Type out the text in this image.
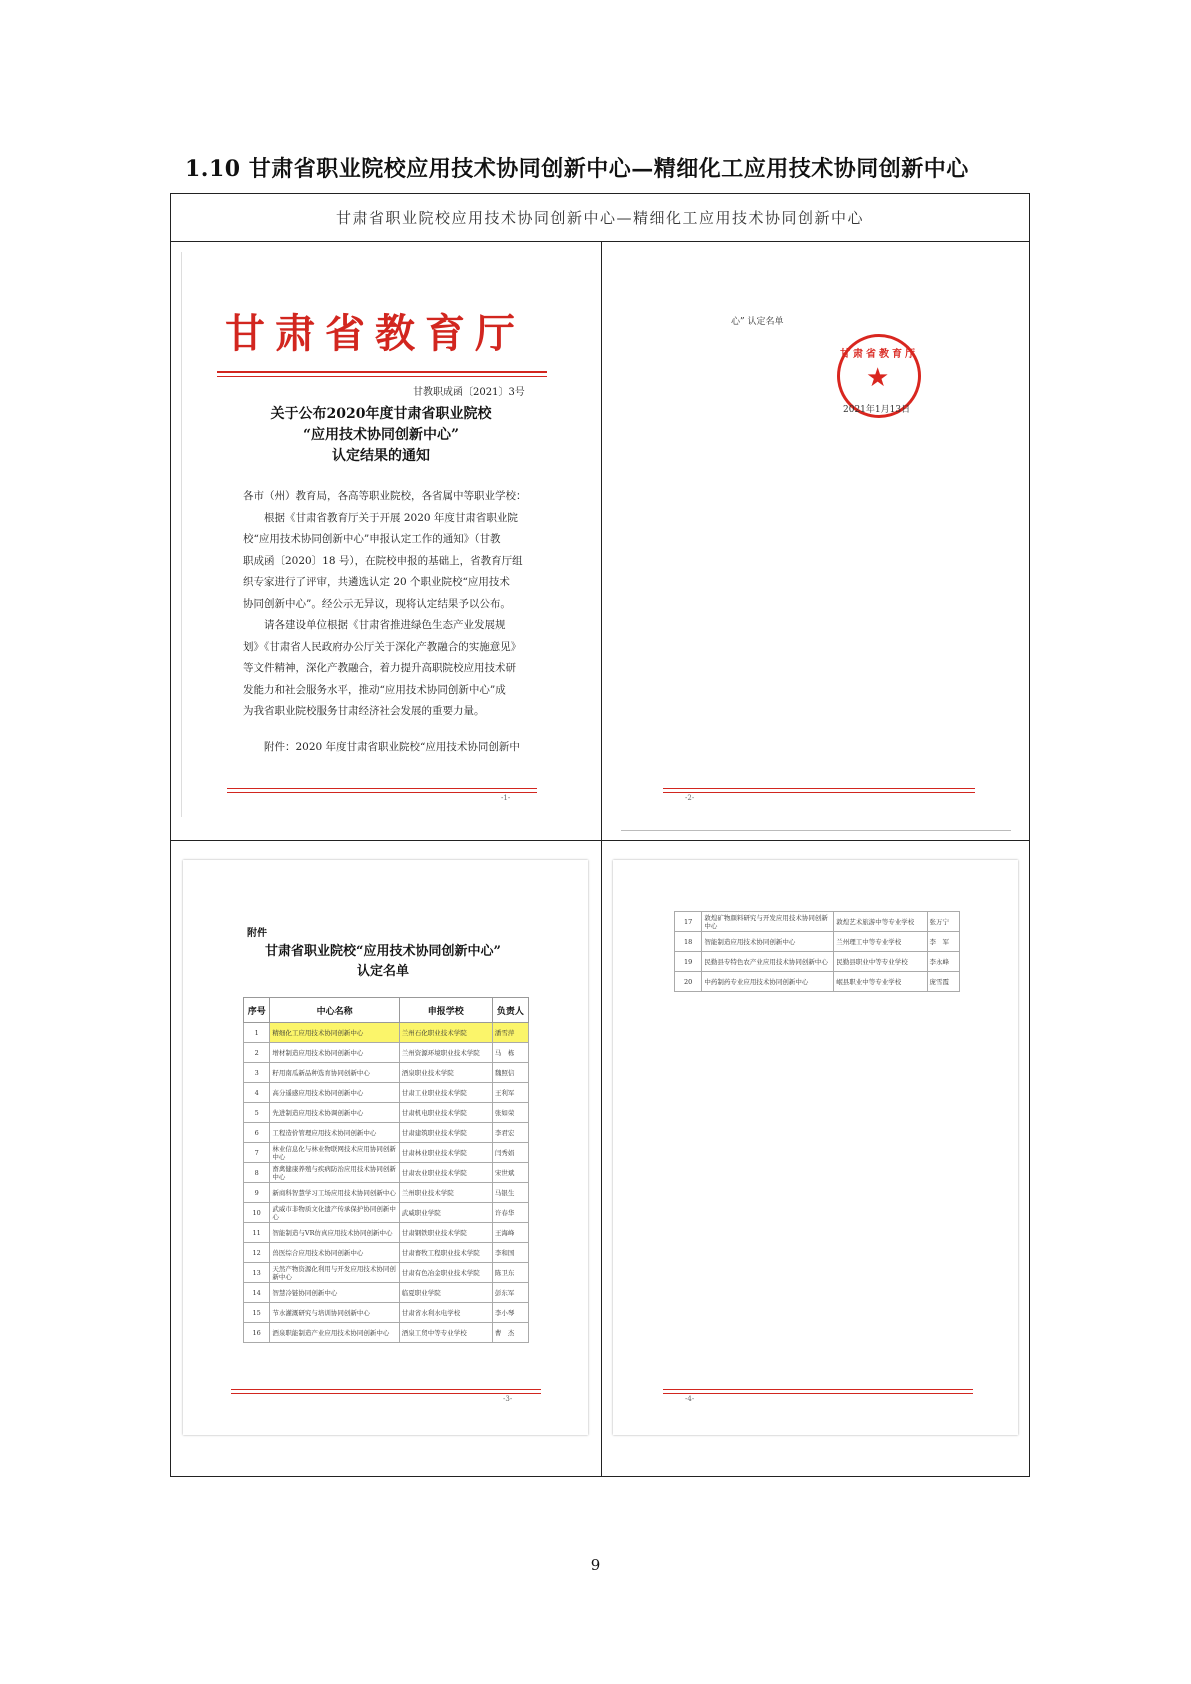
1.10 甘肃省职业院校应用技术协同创新中心—精细化工应用技术协同创新中心
甘肃省职业院校应用技术协同创新中心—精细化工应用技术协同创新中心
甘肃省教育厅
甘教职成函〔2021〕3号
关于公布2020年度甘肃省职业院校
“应用技术协同创新中心”
认定结果的通知
各市（州）教育局，各高等职业院校，各省属中等职业学校：
　　根据《甘肃省教育厅关于开展 2020 年度甘肃省职业院
校“应用技术协同创新中心”申报认定工作的通知》（甘教
职成函〔2020〕18 号），在院校申报的基础上，省教育厅组
织专家进行了评审，共遴选认定 20 个职业院校“应用技术
协同创新中心”。经公示无异议，现将认定结果予以公布。
　　请各建设单位根据《甘肃省推进绿色生态产业发展规
划》《甘肃省人民政府办公厅关于深化产教融合的实施意见》
等文件精神，深化产教融合，着力提升高职院校应用技术研
发能力和社会服务水平，推动“应用技术协同创新中心”成
为我省职业院校服务甘肃经济社会发展的重要力量。
　　附件：2020 年度甘肃省职业院校“应用技术协同创新中
-1-
心” 认定名单
甘肃省教育厅
★
2021年1月13日
-2-
附件
甘肃省职业院校“应用技术协同创新中心”
认定名单
序号	中心名称	申报学校	负责人
1	精细化工应用技术协同创新中心	兰州石化职业技术学院	潘雪萍
2	增材制造应用技术协同创新中心	兰州资源环境职业技术学院	马　栋
3	籽用南瓜新品种选育协同创新中心	酒泉职业技术学院	魏照信
4	高分遥感应用技术协同创新中心	甘肃工业职业技术学院	王利军
5	先进制造应用技术协调创新中心	甘肃机电职业技术学院	张如荣
6	工程造价管理应用技术协同创新中心	甘肃建筑职业技术学院	李君宏
7	林业信息化与林业物联网技术应用协同创新中心	甘肃林业职业技术学院	闫秀娟
8	畜禽健康养殖与疾病防治应用技术协同创新中心	甘肃农业职业技术学院	宋世斌
9	新商科智慧学习工场应用技术协同创新中心	兰州职业技术学院	马银生
10	武威市非物质文化遗产传承保护协同创新中心	武威职业学院	许春华
11	智能制造与VR仿真应用技术协同创新中心	甘肃钢铁职业技术学院	王海峰
12	兽医综合应用技术协同创新中心	甘肃畜牧工程职业技术学院	李和国
13	天然产物资源化利用与开发应用技术协同创新中心	甘肃有色冶金职业技术学院	陈卫东
14	智慧冷链协同创新中心	临夏职业学院	彭东军
15	节水灌溉研究与培训协同创新中心	甘肃省水利水电学校	李小琴
16	酒泉职能制造产业应用技术协同创新中心	酒泉工贸中等专业学校	曹　杰
-3-
17	敦煌矿物颜料研究与开发应用技术协同创新中心	敦煌艺术旅游中等专业学校	张万宁
18	智能制造应用技术协同创新中心	兰州理工中等专业学校	李　军
19	民勤县专特色农产业应用技术协同创新中心	民勤县职业中等专业学校	李永峰
20	中药制药专业应用技术协同创新中心	岷县职业中等专业学校	庞雪霞
-4-
9
